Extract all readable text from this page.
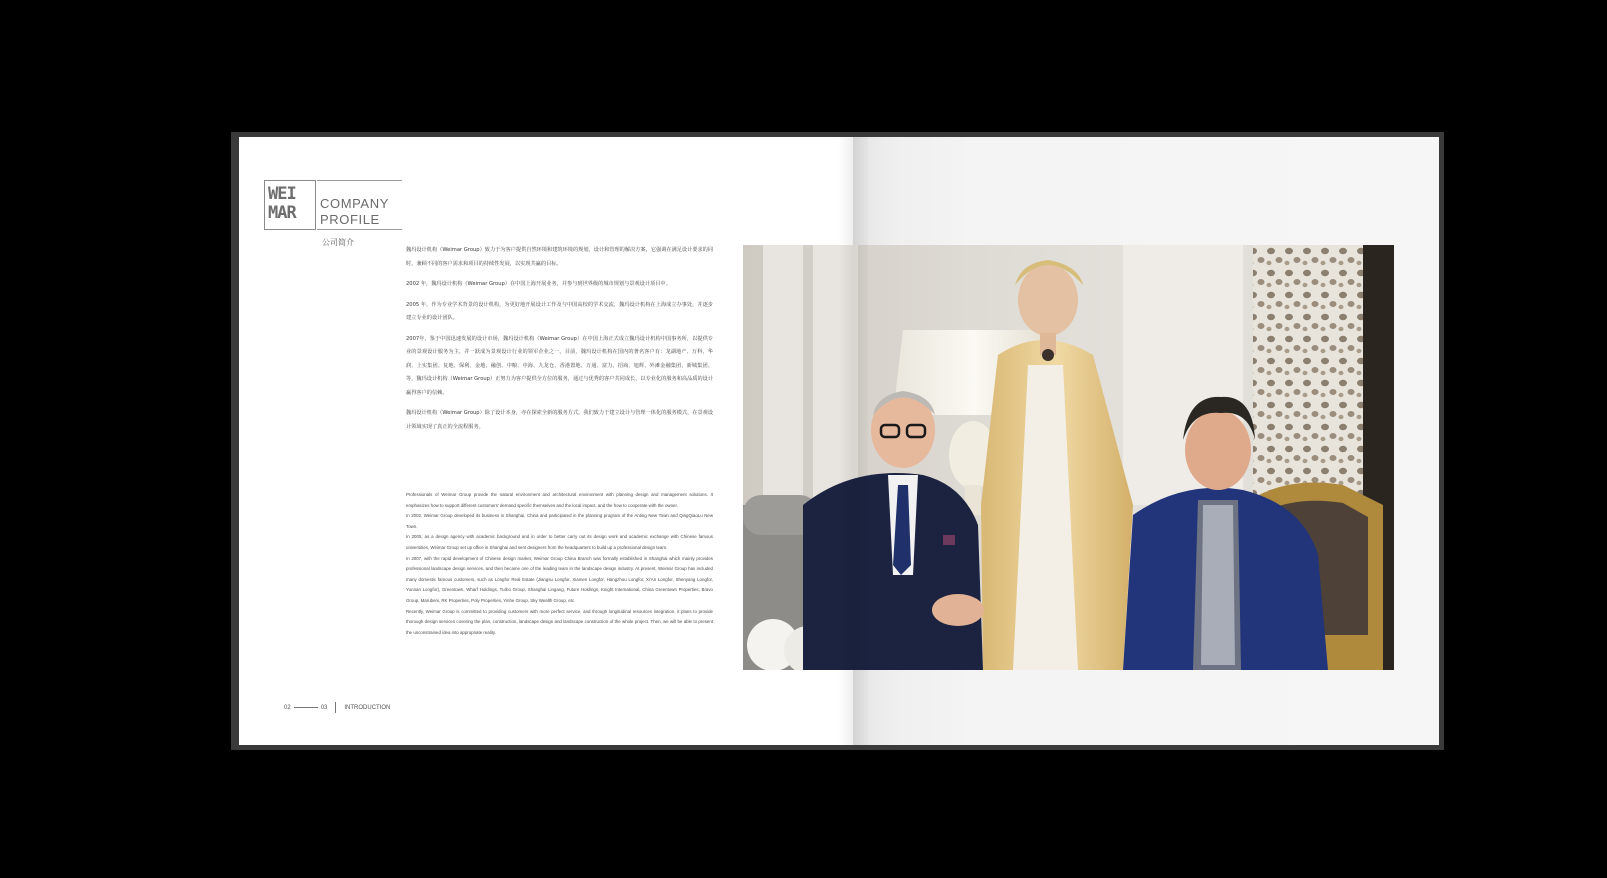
WEI MAR	COMPANY
PROFILE
公司简介

魏玛设计机构（Weimar Group）致力于为客户提供自然环境和建筑环境的规划、设计和管理的解决方案，它强调在满足设计要求的同时，兼顾不同的客户需求和项目的持续性发展，以实现共赢的目标。

2002 年，魏玛设计机构（Weimar Group）在中国上海开展业务，并参与到世界级的城市规划与景观设计项目中。

2005 年，作为专业学术背景的设计机构，为更好地开展设计工作及与中国高校的学术交流，魏玛设计机构在上海成立办事处，并逐步建立专业的设计团队。

2007年，鉴于中国迅速发展的设计市场，魏玛设计机构（Weimar Group）在中国上海正式成立魏玛设计机构中国事务所，以提供专业的景观设计服务为主，并一跃成为景观设计行业的领军企业之一。目前，魏玛设计机构在国内的著名客户有：龙湖地产、万科、华润、上实集团、复地、保利、金地、融创、中粮、中海、九龙仓、香港置地、万通、富力、招商、旭辉、外滩金融集团、新城集团、等。魏玛设计机构（Weimar Group）正努力为客户提供全方位的服务，通过与优秀的客户共同成长，以专业化的服务和高品质的设计赢得客户的信赖。

魏玛设计机构（Weimar Group）除了设计本身，亦在探索全新的服务方式，我们致力于建立设计与管理一体化的服务模式，在景观设计领域实现了真正的全流程服务。

Professionals of Weimar Group provide the natural environment and architectural environment with planning design and management solutions. It emphasizes how to support different customers' demand specific themselves and the local impact, and the how to cooperate with the owner.

In 2002, Weimar Group developed its business in Shanghai, China and participated in the planning program of the Anting New Town and QingQiaoLu New Town.

In 2005, as a design agency with academic background and in order to better carry out its design work and academic exchange with Chinese famous universities, Weimar Group set up office in Shanghai and sent designers from the headquarters to build up a professional design team.

In 2007, with the rapid development of Chinese design market, Weimar Group China Branch was formally established in Shanghai which mainly provides professional landscape design services, and then became one of the leading team in the landscape design industry. At present, Weimar Group has included many domestic famous customers, such as Longfor Real Estate (Jiangsu Longfor, Xiamen Longfor, Hangzhou Longfor, Xi'An Longfor, Shenyang Longfor, Yunnan Longfor), Greentown, Wharf Holdings, Turbo Group, Shanghai Lingang, Future Holdings, Knight International, China Greentown Properties, Bravo Group, Marubeni, RK Properties, Poly Properties, Yinhe Group, Sky Wealth Group, etc.

Recently, Weimar Group is committed to providing customers with more perfect service, and through longitudinal resources integration, it plans to provide thorough design services covering the plan, construction, landscape design and landscape construction of the whole project. Then, we will be able to present the unconstrained idea into appropriate reality.

02	03	INTRODUCTION
